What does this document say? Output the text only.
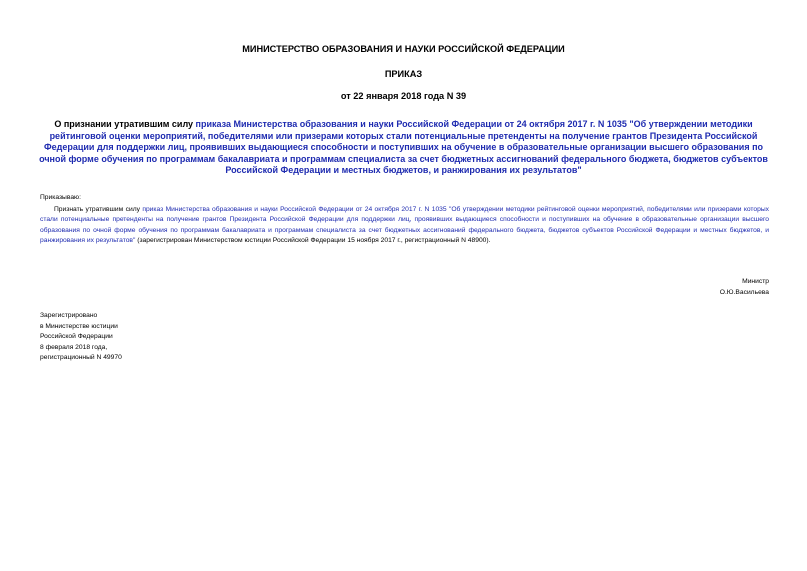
МИНИСТЕРСТВО ОБРАЗОВАНИЯ И НАУКИ РОССИЙСКОЙ ФЕДЕРАЦИИ
ПРИКАЗ
от 22 января 2018 года N 39
О признании утратившим силу приказа Министерства образования и науки Российской Федерации от 24 октября 2017 г. N 1035 "Об утверждении методики рейтинговой оценки мероприятий, победителями или призерами которых стали потенциальные претенденты на получение грантов Президента Российской Федерации для поддержки лиц, проявивших выдающиеся способности и поступивших на обучение в образовательные организации высшего образования по очной форме обучения по программам бакалавриата и программам специалиста за счет бюджетных ассигнований федерального бюджета, бюджетов субъектов Российской Федерации и местных бюджетов, и ранжирования их результатов"
Приказываю:

Признать утратившим силу приказ Министерства образования и науки Российской Федерации от 24 октября 2017 г. N 1035 "Об утверждении методики рейтинговой оценки мероприятий, победителями или призерами которых стали потенциальные претенденты на получение грантов Президента Российской Федерации для поддержки лиц, проявивших выдающиеся способности и поступивших на обучение в образовательные организации высшего образования по очной форме обучения по программам бакалавриата и программам специалиста за счет бюджетных ассигнований федерального бюджета, бюджетов субъектов Российской Федерации и местных бюджетов, и ранжирования их результатов" (зарегистрирован Министерством юстиции Российской Федерации 15 ноября 2017 г., регистрационный N 48900).

Министр
О.Ю.Васильева
Зарегистрировано
в Министерстве юстиции
Российской Федерации
8 февраля 2018 года,
регистрационный N 49970
